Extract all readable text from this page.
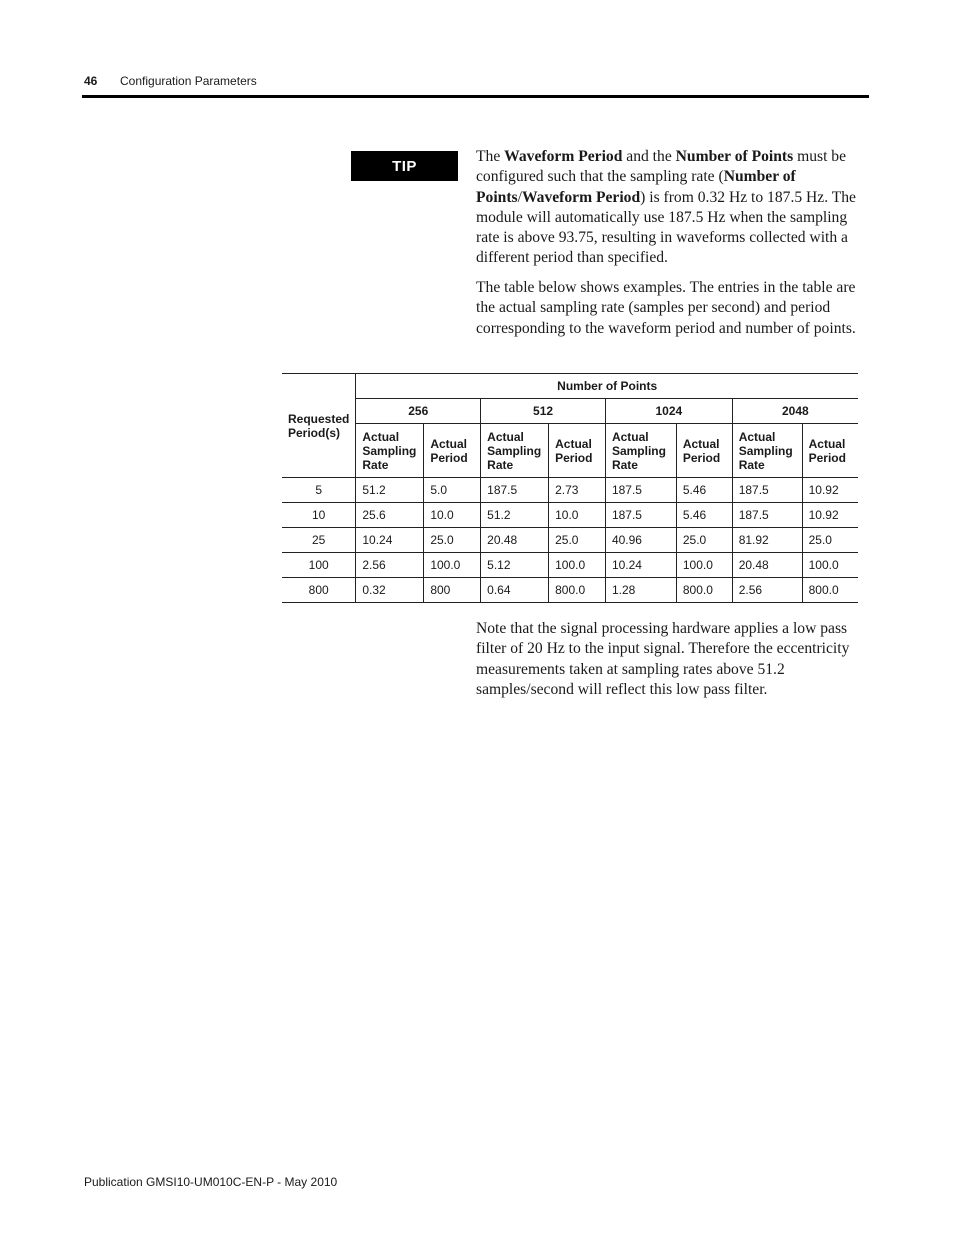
46 Configuration Parameters
TIP

The Waveform Period and the Number of Points must be configured such that the sampling rate (Number of Points/Waveform Period) is from 0.32 Hz to 187.5 Hz. The module will automatically use 187.5 Hz when the sampling rate is above 93.75, resulting in waveforms collected with a different period than specified.

The table below shows examples. The entries in the table are the actual sampling rate (samples per second) and period corresponding to the waveform period and number of points.

Requested Period(s)	Number of Points							
	256		512		1024		2048	
	Actual Sampling Rate	Actual Period	Actual Sampling Rate	Actual Period	Actual Sampling Rate	Actual Period	Actual Sampling Rate	Actual Period
5	51.2	5.0	187.5	2.73	187.5	5.46	187.5	10.92
10	25.6	10.0	51.2	10.0	187.5	5.46	187.5	10.92
25	10.24	25.0	20.48	25.0	40.96	25.0	81.92	25.0
100	2.56	100.0	5.12	100.0	10.24	100.0	20.48	100.0
800	0.32	800	0.64	800.0	1.28	800.0	2.56	800.0

Note that the signal processing hardware applies a low pass filter of 20 Hz to the input signal. Therefore the eccentricity measurements taken at sampling rates above 51.2 samples/second will reflect this low pass filter.

Publication GMSI10-UM010C-EN-P - May 2010
